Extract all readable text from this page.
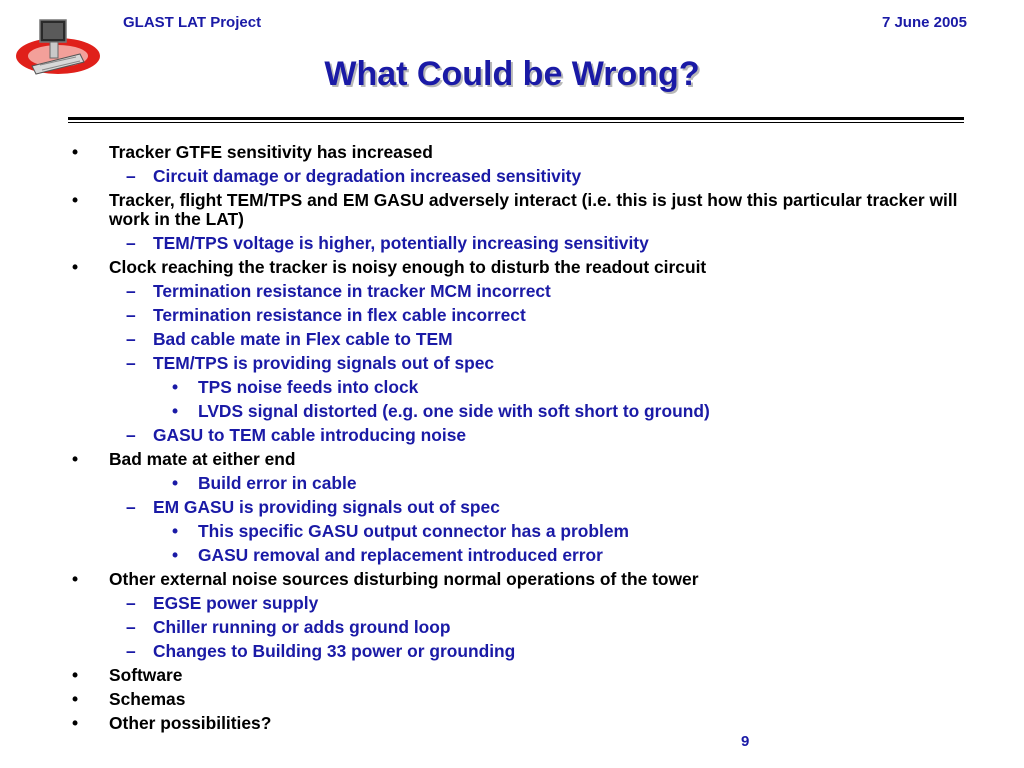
GLAST LAT Project	7 June 2005
What Could be Wrong?
• Tracker GTFE sensitivity has increased
– Circuit damage or degradation increased sensitivity
• Tracker, flight TEM/TPS and EM GASU adversely interact (i.e. this is just how this particular tracker will work in the LAT)
– TEM/TPS voltage is higher, potentially increasing sensitivity
• Clock reaching the tracker is noisy enough to disturb the readout circuit
– Termination resistance in tracker MCM incorrect
– Termination resistance in flex cable incorrect
– Bad cable mate in Flex cable to TEM
– TEM/TPS is providing signals out of spec
• TPS noise feeds into clock
• LVDS signal distorted (e.g. one side with soft short to ground)
– GASU to TEM cable introducing noise
• Bad mate at either end
• Build error in cable
– EM GASU is providing signals out of spec
• This specific GASU output connector has a problem
• GASU removal and replacement introduced error
• Other external noise sources disturbing normal operations of the tower
– EGSE power supply
– Chiller running or adds ground loop
– Changes to Building 33 power or grounding
• Software
• Schemas
• Other possibilities?
9
